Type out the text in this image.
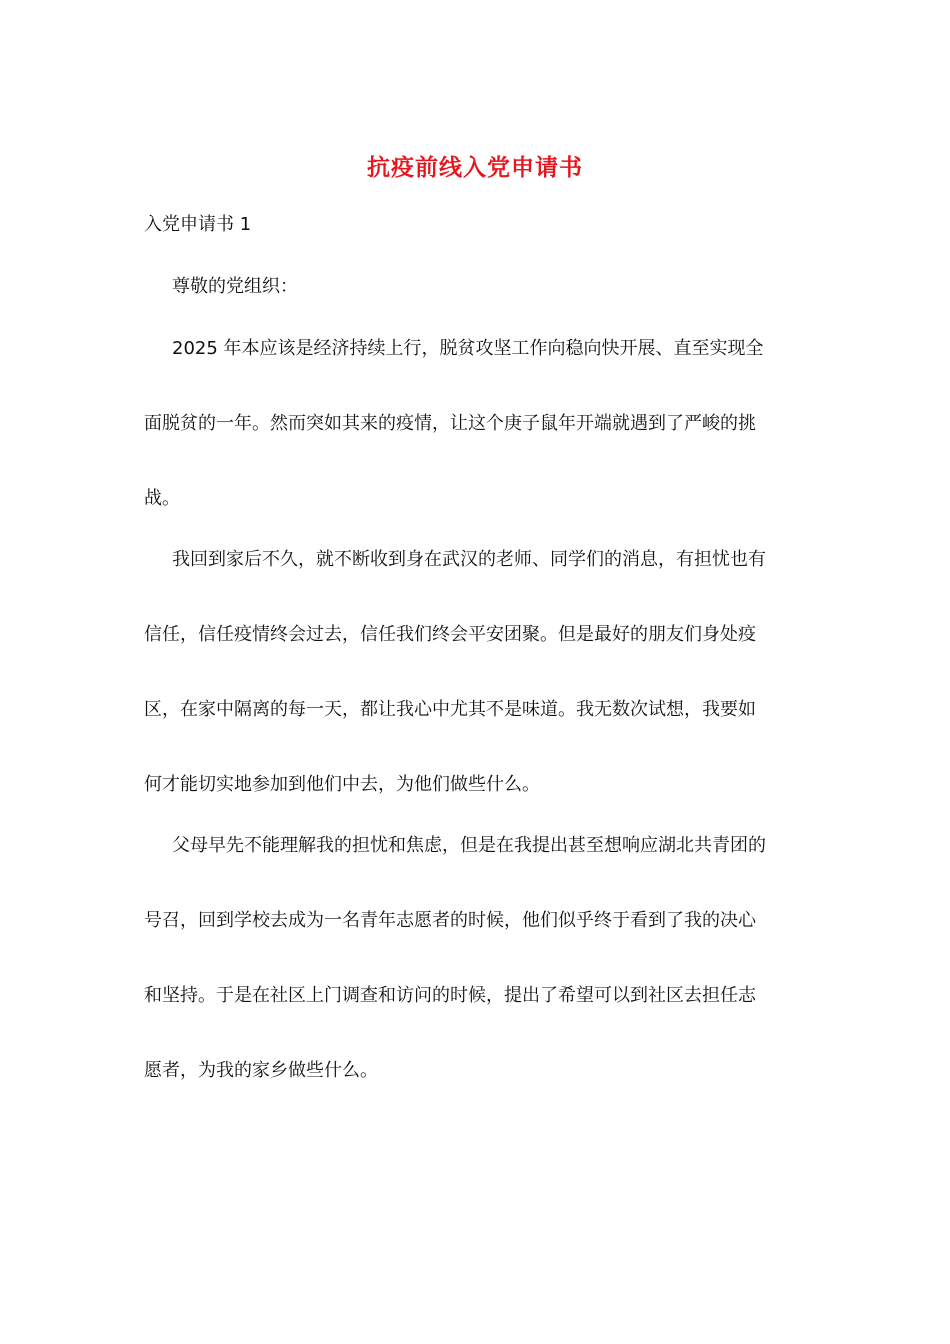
抗疫前线入党申请书
入党申请书 1
尊敬的党组织：
2025 年本应该是经济持续上行，脱贫攻坚工作向稳向快开展、直至实现全
面脱贫的一年。然而突如其来的疫情，让这个庚子鼠年开端就遇到了严峻的挑
战。
我回到家后不久，就不断收到身在武汉的老师、同学们的消息，有担忧也有
信任，信任疫情终会过去，信任我们终会平安团聚。但是最好的朋友们身处疫
区，在家中隔离的每一天，都让我心中尤其不是味道。我无数次试想，我要如
何才能切实地参加到他们中去，为他们做些什么。
父母早先不能理解我的担忧和焦虑，但是在我提出甚至想响应湖北共青团的
号召，回到学校去成为一名青年志愿者的时候，他们似乎终于看到了我的决心
和坚持。于是在社区上门调查和访问的时候，提出了希望可以到社区去担任志
愿者，为我的家乡做些什么。
